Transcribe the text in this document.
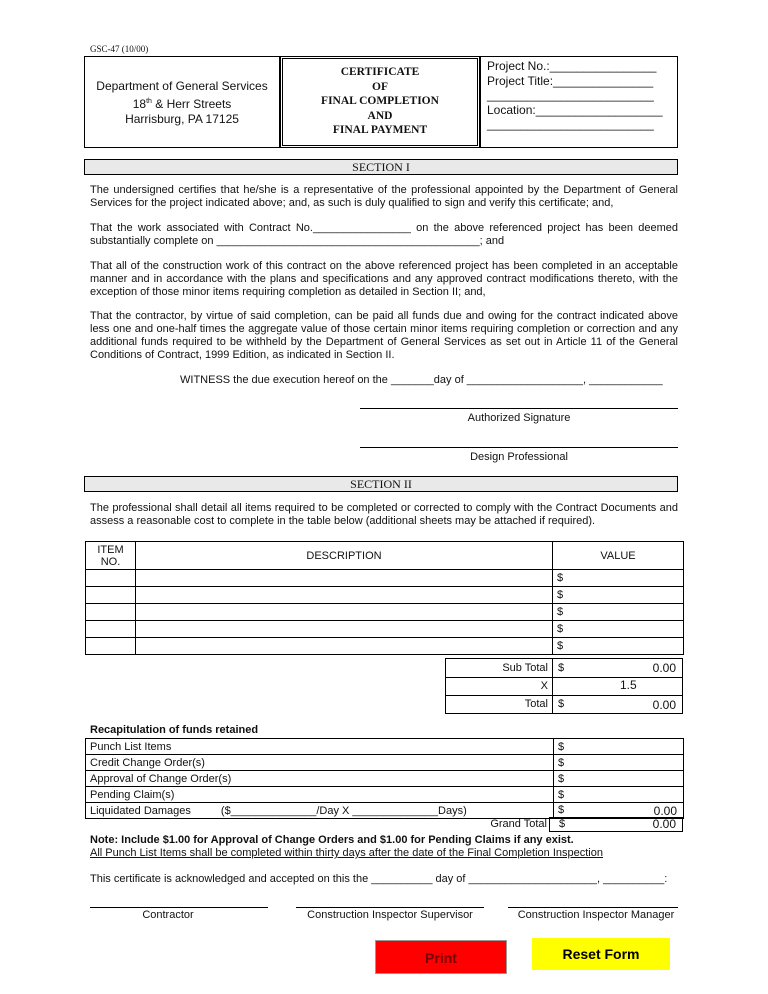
GSC-47 (10/00)
Department of General Services
18th & Herr Streets
Harrisburg, PA 17125
CERTIFICATE
OF
FINAL COMPLETION
AND
FINAL PAYMENT
Project No.:________________
Project Title:_______________
_________________________
Location:___________________
_________________________
SECTION I
The undersigned certifies that he/she is a representative of the professional appointed by the Department of General Services for the project indicated above; and, as such is duly qualified to sign and verify this certificate; and,
That the work associated with Contract No.________________ on the above referenced project has been deemed substantially complete on ___________________________________________; and
That all of the construction work of this contract on the above referenced project has been completed in an acceptable manner and in accordance with the plans and specifications and any approved contract modifications thereto, with the exception of those minor items requiring completion as detailed in Section II; and,
That the contractor, by virtue of said completion, can be paid all funds due and owing for the contract indicated above less one and one-half times the aggregate value of those certain minor items requiring completion or correction and any additional funds required to be withheld by the Department of General Services as set out in Article 11 of the General Conditions of Contract, 1999 Edition, as indicated in Section II.
WITNESS the due execution hereof on the _______day of ___________________, ____________
Authorized Signature
Design Professional
SECTION II
The professional shall detail all items required to be completed or corrected to comply with the Contract Documents and assess a reasonable cost to complete in the table below (additional sheets may be attached if required).
ITEM NO.	DESCRIPTION	VALUE
		$
		$
		$
		$
		$
Sub Total $	0.00
X	1.5
Total $	0.00
Recapitulation of funds retained
Punch List Items	$
Credit Change Order(s)	$
Approval of Change Order(s)	$
Pending Claim(s)	$
Liquidated Damages ($______________/Day X ______________Days)	$ 0.00
Grand Total $	0.00
Note: Include $1.00 for Approval of Change Orders and $1.00 for Pending Claims if any exist.
All Punch List Items shall be completed within thirty days after the date of the Final Completion Inspection
This certificate is acknowledged and accepted on this the __________ day of _____________________, __________:
Contractor	Construction Inspector Supervisor	Construction Inspector Manager
Print	Reset Form
